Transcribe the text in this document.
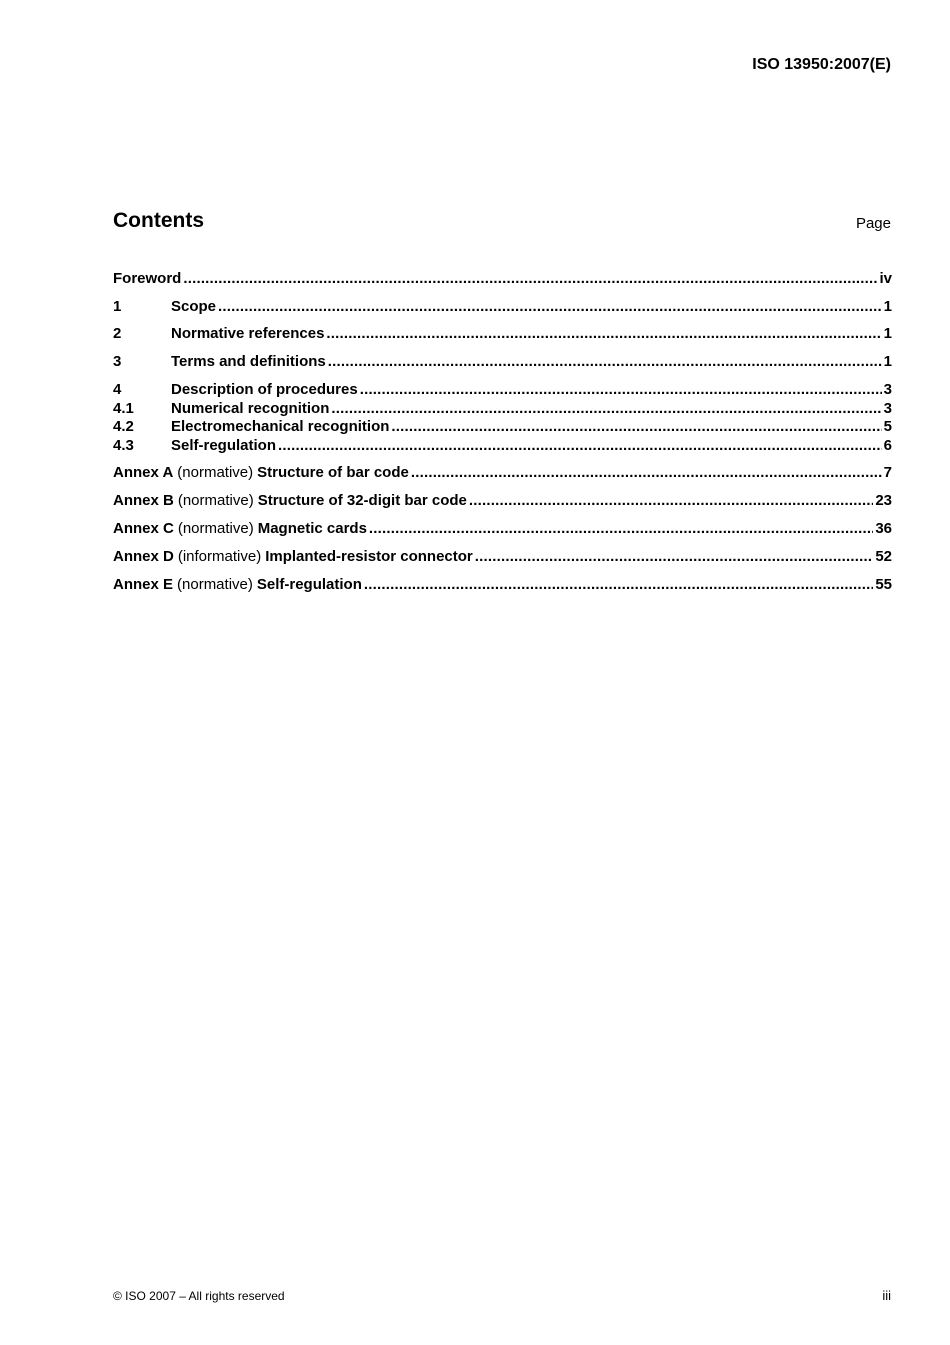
ISO 13950:2007(E)
Contents	Page
Foreword .....	iv
1	Scope .....	1
2	Normative references .....	1
3	Terms and definitions .....	1
4	Description of procedures .....	3
4.1	Numerical recognition .....	3
4.2	Electromechanical recognition .....	5
4.3	Self-regulation .....	6
Annex A (normative) Structure of bar code .....	7
Annex B (normative) Structure of 32-digit bar code .....	23
Annex C (normative) Magnetic cards .....	36
Annex D (informative) Implanted-resistor connector .....	52
Annex E (normative) Self-regulation .....	55
© ISO 2007 – All rights reserved	iii
